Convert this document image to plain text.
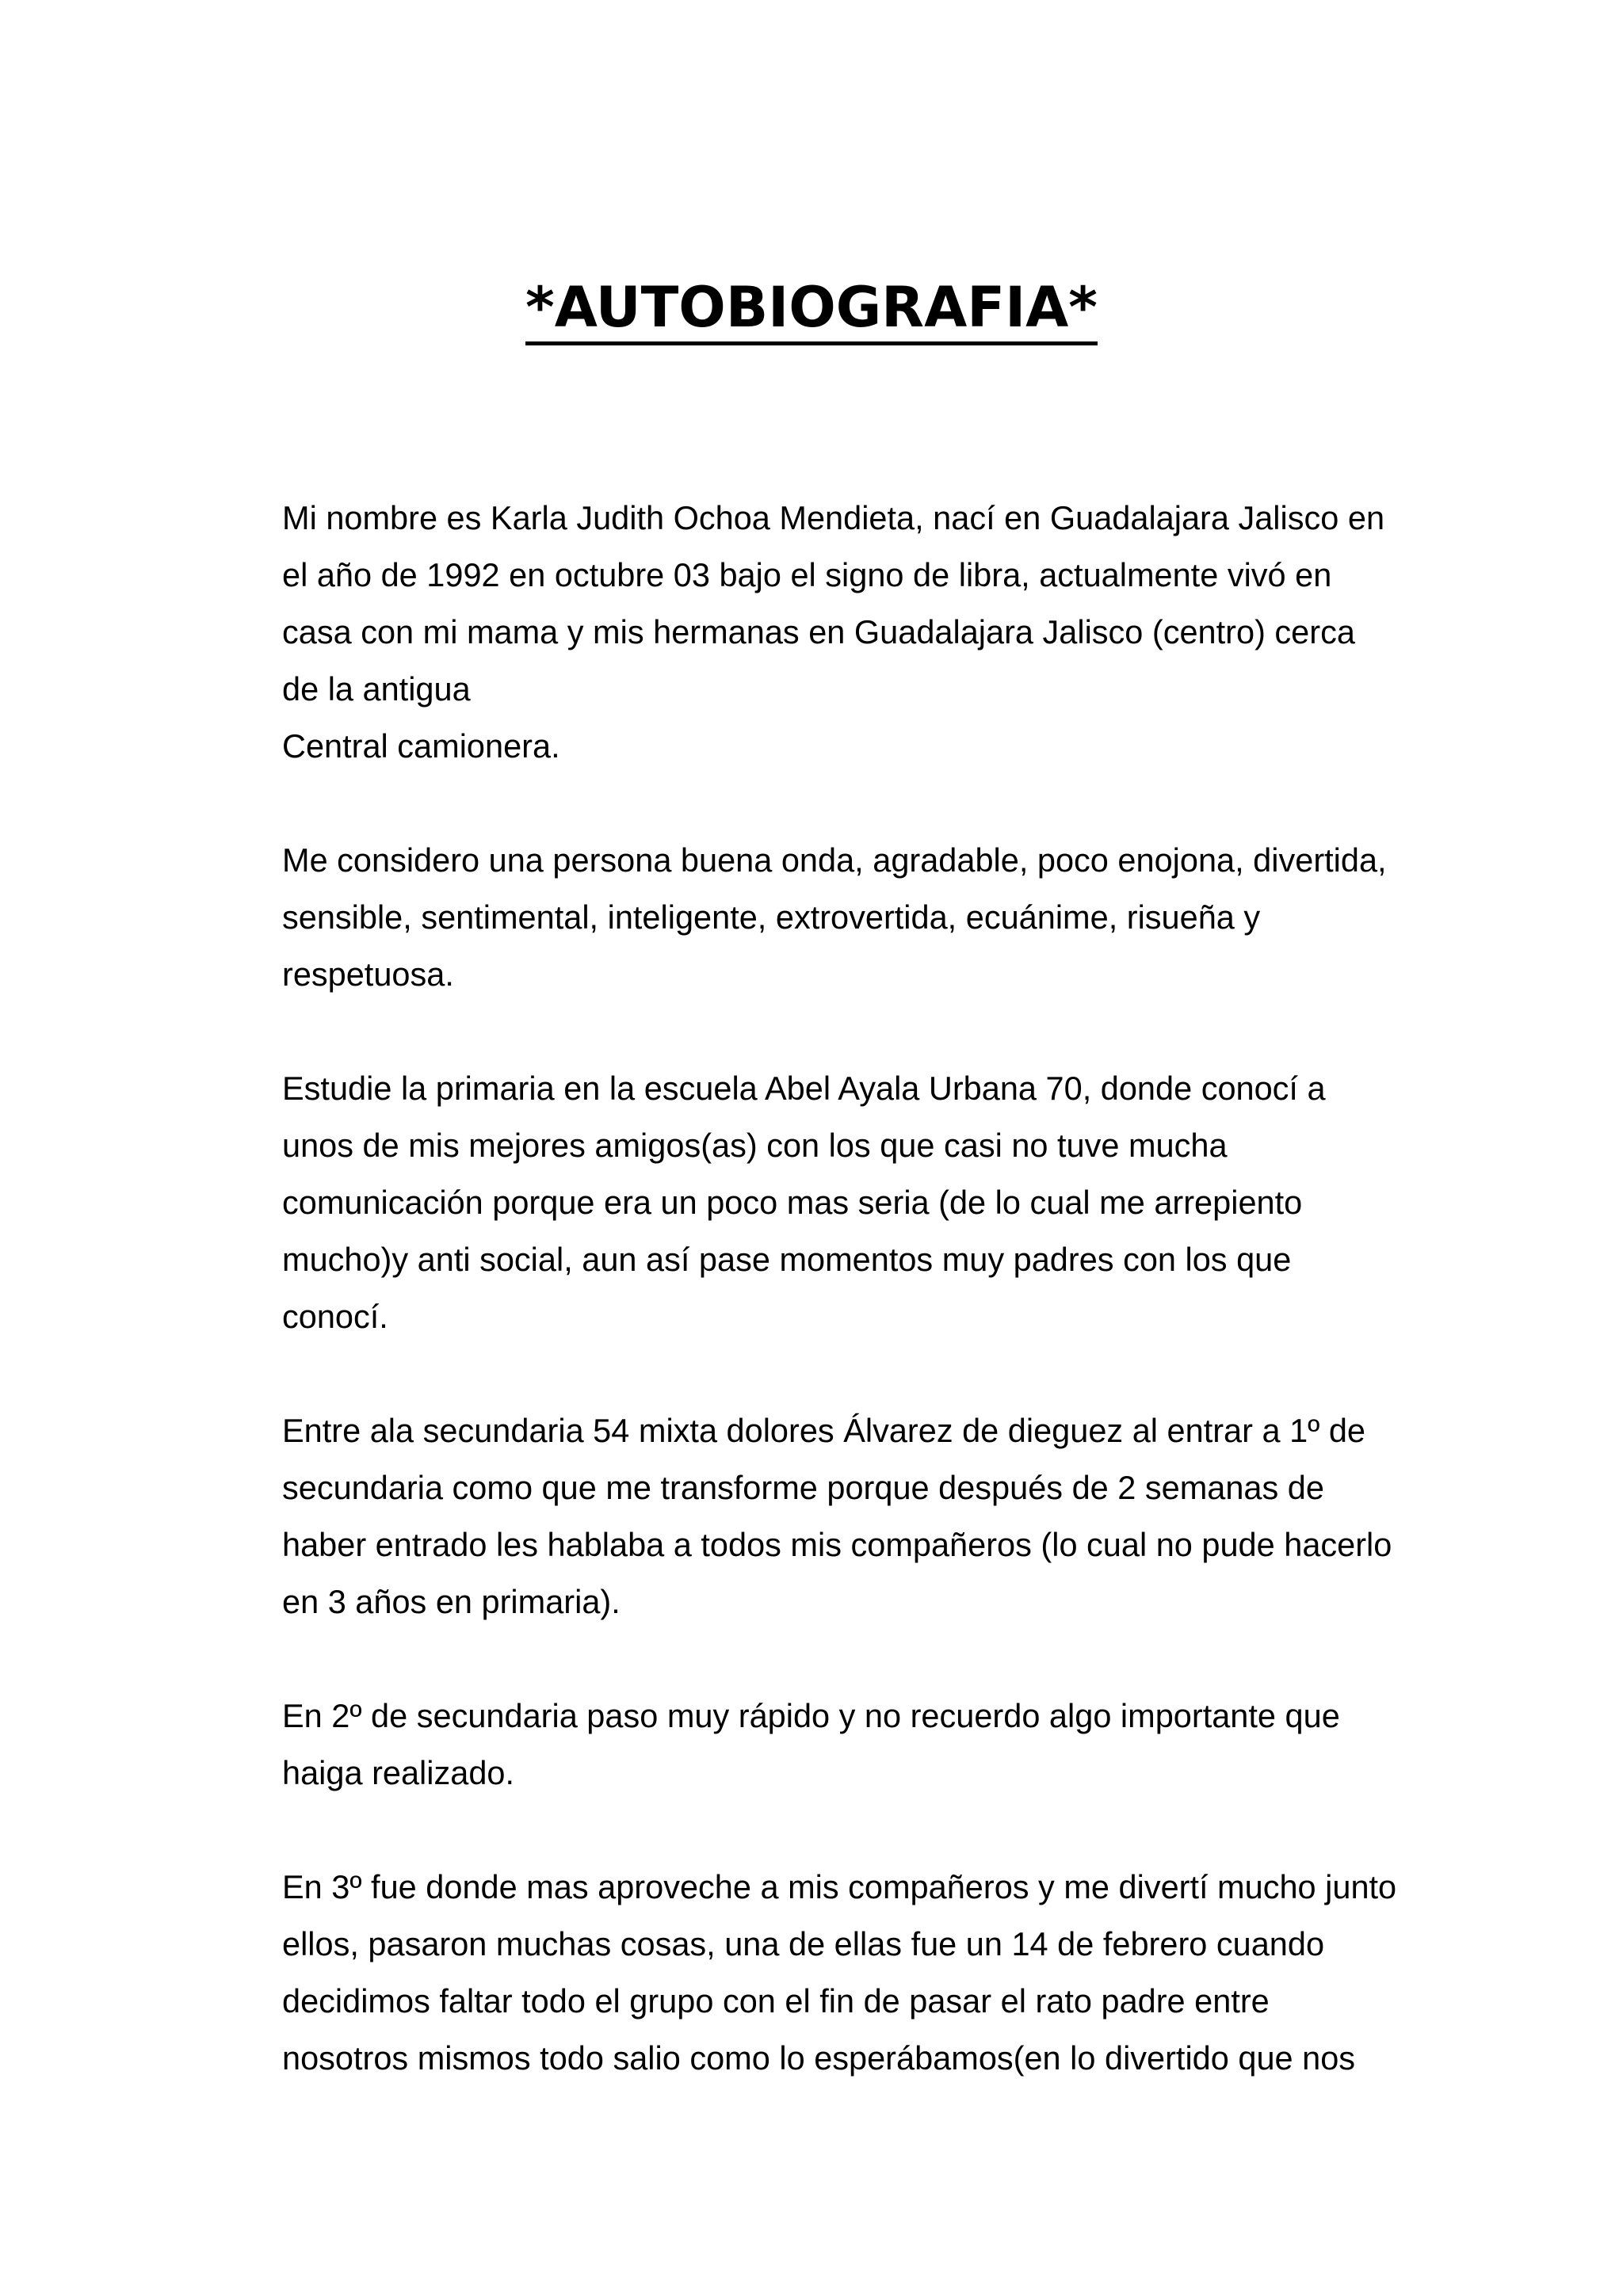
*AUTOBIOGRAFIA*

Mi nombre es Karla Judith Ochoa Mendieta, nací en Guadalajara Jalisco en
el año de 1992 en octubre 03 bajo el signo de libra, actualmente vivó en
casa con mi mama y mis hermanas en Guadalajara Jalisco (centro) cerca
de la antigua
Central camionera.

Me considero una persona buena onda, agradable, poco enojona, divertida,
sensible, sentimental, inteligente, extrovertida, ecuánime, risueña y
respetuosa.

Estudie la primaria en la escuela Abel Ayala Urbana 70, donde conocí a
unos de mis mejores amigos(as) con los que casi no tuve mucha
comunicación porque era un poco mas seria (de lo cual me arrepiento
mucho)y anti social, aun así pase momentos muy padres con los que
conocí.

Entre ala secundaria 54 mixta dolores Álvarez de dieguez al entrar a 1º de
secundaria como que me transforme porque después de 2 semanas de
haber entrado les hablaba a todos mis compañeros (lo cual no pude hacerlo
en 3 años en primaria).

En 2º de secundaria paso muy rápido y no recuerdo algo importante que
haiga realizado.

En 3º fue donde mas aproveche a mis compañeros y me divertí mucho junto
ellos, pasaron muchas cosas, una de ellas fue un 14 de febrero cuando
decidimos faltar todo el grupo con el fin de pasar el rato padre entre
nosotros mismos todo salio como lo esperábamos(en lo divertido que nos
